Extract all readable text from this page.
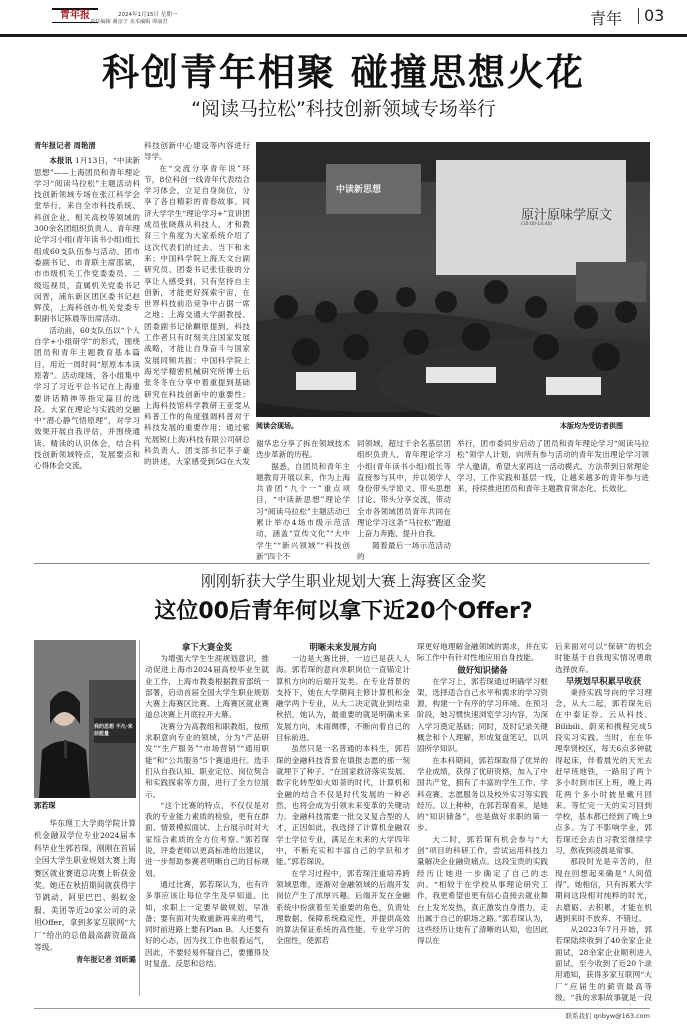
青年报	2024年1月15日 星期一
责任编辑 谢彦子 美术编辑 谭丽君	青年 03
科创青年相聚 碰撞思想火花
“阅读马拉松”科技创新领域专场举行
青年报记者 周艳清

本报讯 1月13日，“中读新思想”——上海团员和青年理论学习“阅读马拉松”主题活动科技创新领域专场在张江科学会堂举行，来自全市科技系统、科创企业、相关高校等领域的300余名团组织负责人、青年理论学习小组(青年读书小组)组长组成60支队伍参与活动。团市委副书记、市青联主席邵斌，市市级机关工作党委委员、二级巡视员，直属机关党委书记闵晋，浦东新区团区委书记赵辉茂，上海科创办机关党委专职副书记陈晨等出席活动。

活动前，60支队伍以“个人自学+小组研学”的形式，围绕团员和青年主题教育基本篇目，用近一周时间“原原本本读原著”。活动现场，各小组集中学习了习近平总书记在上海重要讲话精神等指定篇目的选段。大家在理论与实践的交融中“潜心静气悟原理”，对学习效果开展自我评估，并围绕通读、精读的认识体会，结合科技创新领域特点，发展要点和心得体会交流。

科技创新中心建设等内容进行导学。

在“交流分享青年说”环节，8位科创一线青年代表结合学习体会，立足自身岗位，分享了各自精彩的青春故事。同济大学学生“理论学习+”宣讲团成员张晓燕从科技人、才和教育三个角度为大家系统介绍了这次代表们的过去、当下和未来；中国科学院上海天文台副研究员、团委书记张佳骏的分享让人感受到，只有坚持自主创新，才能更好探索宇宙，在世界科技前沿竞争中占据一席之地；上海交通大学副教授、团委副书记徐麒原提到，科技工作者只有时刻关注国家发展战略，才能让自身奋斗与国家发展同频共振；中国科学院上海光学精密机械研究所博士后张冬冬在分享中着重提到基础研究在科技创新中的重要性；上海科技馆科学教研王亚雯从科普工作的角度强调科普对于科技发展的重要作用；通过紫光展锐(上海)科技有限公司研总科负责人、团支部书记李子豪的讲述，大家感受到5G在大发

中读新思想
原汁原味学原文
(10:00-14:40)
阅读会现场。	本版均为受访者供图

谢华忠分享了拆在领域技术迭步革新的历程。

据悉，自团员和青年主题教育开展以来，作为上海共青团“九个一”重点项目，“中读新思想”理论学习“阅读马拉松”主题活动已累计举办4场市级示范活动，涵盖“宣传文化”“大中学生”“新兴领域”“科技创新”四个不

同领域，超过千余名基层团组织负责人、青年理论学习小组(青年读书小组)组长等直接参与其中，并以领学人身份带头学原文、带头思想讨论、带头分享交流，带动全市各领域团员青年共同在理论学习这条“马拉松”跑道上奋力奔跑、提升自我。

随着最后一场示范活动的

举行，团市委同步启动了团员和青年理论学习“阅读马拉松”领学人计划，向所有参与活动的青年发出理论学习领学人邀请，希望大家再这一活动模式、方法带到日常理论学习、工作实践和基层一线，让越来越多的青年参与进来，持续推进团员和青年主题教育常态化、长效化。

刚刚斩获大学生职业规划大赛上海赛区金奖
这位00后青年何以拿下近20个Offer?
我的思想 不凡·来前能量
郭若琛

华东理工大学商学院计算机金融双学位专业2024届本科毕业生郭若琛，刚刚在首届全国大学生职业规划大赛上海赛区就业赛道总决赛上斩获金奖。她还在秋招期间就获得字节跳动、阿里巴巴、蚂蚁金服、美团等近20家公司的录用Offer，拿到多家互联网“大厂”给出的总值最高薪资最高等级。

青年报记者 刘昕璐

拿下大赛金奖

为增强大学生生涯规划意识，推动促进上海市2024届高校毕业生就业工作，上海市教委根据教育部统一部署，启动首届全国大学生职业规划大赛上海赛区比赛。上海赛区就业赛道总决赛上月底拉开大幕。

决赛分为高教组和职教组，按照求职意向专业的领域，分为“产品研发”“生产服务”“市场营销”“通用职能”和“公共服务”5个赛道进行。选手们从自我认知、职业定位、岗位契合和实践探索等方面，进行了全方位展示。

“这个比赛的特点，不仅仅是对我的专业能力素质的检验，更有在群面、情景模拟面试、上台展示时对大家综合素质的全方位考察。”郭若琛说，评委老师以更高标准给出建议，进一步帮助参赛者明晰自己的目标规划。

通过比赛，郭若琛认为，也有许多事应该让每位学生及早知道。比如，求职上一定要早做规划、早准备；要有面对失败重新再来的勇气，同时前进路上要有Plan B。人还要有好的心态，因为找工作也很看运气，因此，不要轻易怀疑自己，要懂得及时复盘、反思和总结。

明晰未来发展方向

一边是大赛比拼，一边已是获人人海。郭若琛的意向求职岗位一直锚定计算机方向的后端开发类。在专业背景的支持下，她在大学期间主修计算机和金融学两个专业，从大二决定就业到结束秋招，她认为，最重要的就是明确未来发展方向，未雨绸缪，不断向着自己的目标前进。

虽然只是一名普通的本科生，郭若琛的金融科技背景在填报志愿的那一刻就埋下了种子。“在国家救济落实发展、数字化转型如火如荼的时代，计算机和金融的结合不仅是时代发展的一种必然，也将会成为引领未来变革的关键动力。金融科技需要一批交叉复合型的人才，正因如此，我选择了计算机金融双学士学位专业，满足在未来的大学四年中，不断充实和丰富自己的学识和才能。”郭若琛说。

在学习过程中，郭若琛注重培养跨领域思维，逐渐对金融领域的后端开发岗位产生了浓厚兴趣。后端开发在金融系统中扮演着至关重要的角色，负责处理数据、保障系统稳定性，并提供高效的算法保证系统的高性能。专业学习的全面性，使郭若

琛更好地理解金融领域的需求，并在实际工作中有针对性地应用自身技能。

做好知识储备

在学习上，郭若琛通过明确学习框架，选择适合自己水平和需求的学习资源，构建一个有序的学习环境。在预习阶段，她习惯快速浏览学习内容，为深入学习奠定基础；同时，及时记录关键概念和个人理解，形成复盘笔记，以巩固所学知识。

在本科期间，郭若琛取得了优异的学业成绩，获得了优研资格，加入了中国共产党，拥有了丰富的学生工作、学科竞赛、志愿服务以及校外实习等实践经历。以上种种，在郭若琛看来，是她的“知识储备”，也是做好求职的第一步。

大二时，郭若琛有机会参与“大创”项目的科研工作，尝试运用科技力量解决企业融资痛点。这段宝贵的实践经历让她进一步确定了自己的志向。“相较于在学校从事理论研究工作，我更希望也更有信心直接去就业舞台上发光发热，真正激发自身潜力，走出属于自己的职场之路。”郭若琛认为，这些经历让她有了清晰的认知，也因此得以在

后来面对可以“保研”的机会时能基于自我现实情况勇敢选择放弃。

早规划早积累早收获

秉持实践导向的学习理念，从大二起，郭若琛先后在中泰证券、云从科技、Bilibili、蔚来和携程完成5段实习实践。当时，在在华理奉贤校区，每天6点多钟就得起床，伴着晨光的天光去赶早班地铁，一路用了两个多小时到市区上班，晚上再花两个多小时披星戴月回来。等忙完一天的实习回到学校，基本都已经到了晚上9点多。为了不影响学业，郭若琛还会去自习教室继续学习，熬夜到凌晨是常事。

那段时光是辛苦的，但现在回想起来确是“人间值得”。她相信，只有拆累大学期间这段相对纯粹的时光，去磨砺、去积累，才能在机遇到来时不放弃、不错过。

从2023年7月开始，郭若琛陆续收到了40余家企业面试，28余家企业顺利进入面试，至今收到了近20个录用通知，获得多家互联网“大厂”应届生的薪资最高等级。“我的求职故事就是一段

联系我们 qnbyw@163.com
